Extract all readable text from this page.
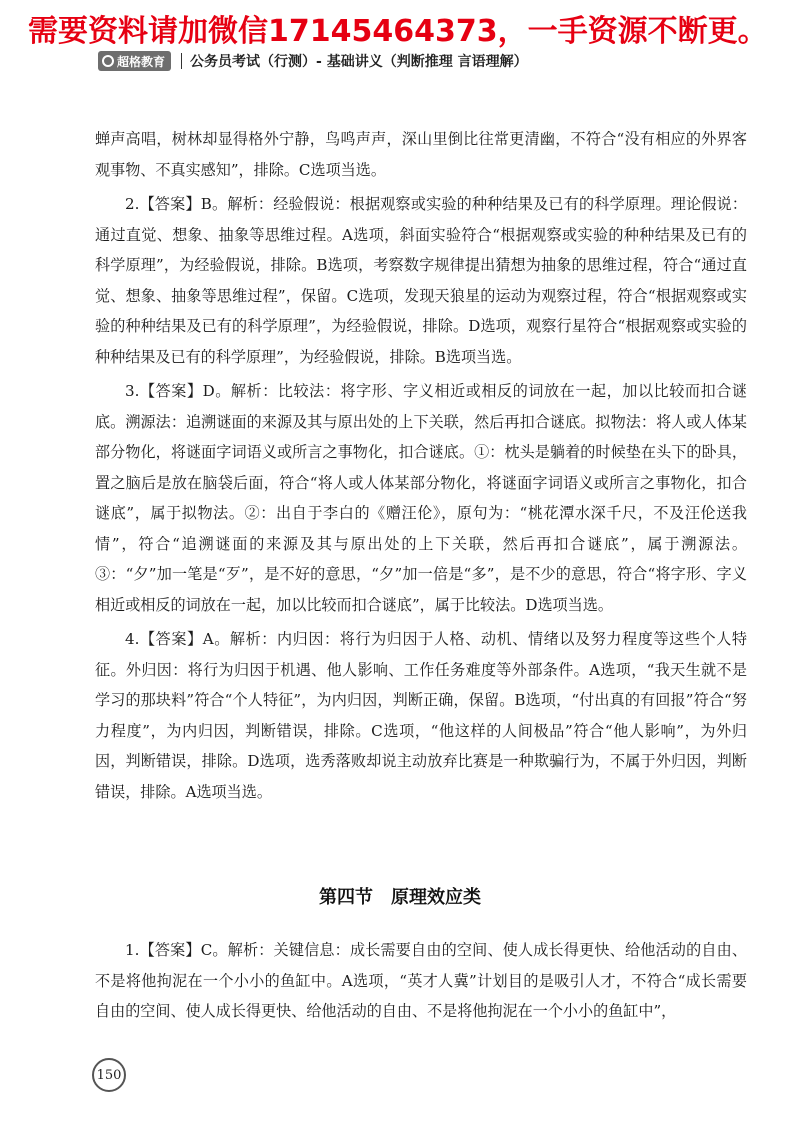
需要资料请加微信17145464373，一手资源不断更。
超格教育 公务员考试（行测）- 基础讲义（判断推理 言语理解）

蝉声高唱，树林却显得格外宁静，鸟鸣声声，深山里倒比往常更清幽，不符合“没有相应的外界客观事物、不真实感知”，排除。C选项当选。

2.【答案】B。解析：经验假说：根据观察或实验的种种结果及已有的科学原理。理论假说：通过直觉、想象、抽象等思维过程。A选项，斜面实验符合“根据观察或实验的种种结果及已有的科学原理”，为经验假说，排除。B选项，考察数字规律提出猜想为抽象的思维过程，符合“通过直觉、想象、抽象等思维过程”，保留。C选项，发现天狼星的运动为观察过程，符合“根据观察或实验的种种结果及已有的科学原理”，为经验假说，排除。D选项，观察行星符合“根据观察或实验的种种结果及已有的科学原理”，为经验假说，排除。B选项当选。

3.【答案】D。解析：比较法：将字形、字义相近或相反的词放在一起，加以比较而扣合谜底。溯源法：追溯谜面的来源及其与原出处的上下关联，然后再扣合谜底。拟物法：将人或人体某部分物化，将谜面字词语义或所言之事物化，扣合谜底。①：枕头是躺着的时候垫在头下的卧具，置之脑后是放在脑袋后面，符合“将人或人体某部分物化，将谜面字词语义或所言之事物化，扣合谜底”，属于拟物法。②：出自于李白的《赠汪伦》，原句为：“桃花潭水深千尺，不及汪伦送我情”，符合“追溯谜面的来源及其与原出处的上下关联，然后再扣合谜底”，属于溯源法。③：“夕”加一笔是“歹”，是不好的意思，“夕”加一倍是“多”，是不少的意思，符合“将字形、字义相近或相反的词放在一起，加以比较而扣合谜底”，属于比较法。D选项当选。

4.【答案】A。解析：内归因：将行为归因于人格、动机、情绪以及努力程度等这些个人特征。外归因：将行为归因于机遇、他人影响、工作任务难度等外部条件。A选项，“我天生就不是学习的那块料”符合“个人特征”，为内归因，判断正确，保留。B选项，“付出真的有回报”符合“努力程度”，为内归因，判断错误，排除。C选项，“他这样的人间极品”符合“他人影响”，为外归因，判断错误，排除。D选项，选秀落败却说主动放弃比赛是一种欺骗行为，不属于外归因，判断错误，排除。A选项当选。

第四节　原理效应类

1.【答案】C。解析：关键信息：成长需要自由的空间、使人成长得更快、给他活动的自由、不是将他拘泥在一个小小的鱼缸中。A选项，“英才人冀”计划目的是吸引人才，不符合“成长需要自由的空间、使人成长得更快、给他活动的自由、不是将他拘泥在一个小小的鱼缸中”，

150
